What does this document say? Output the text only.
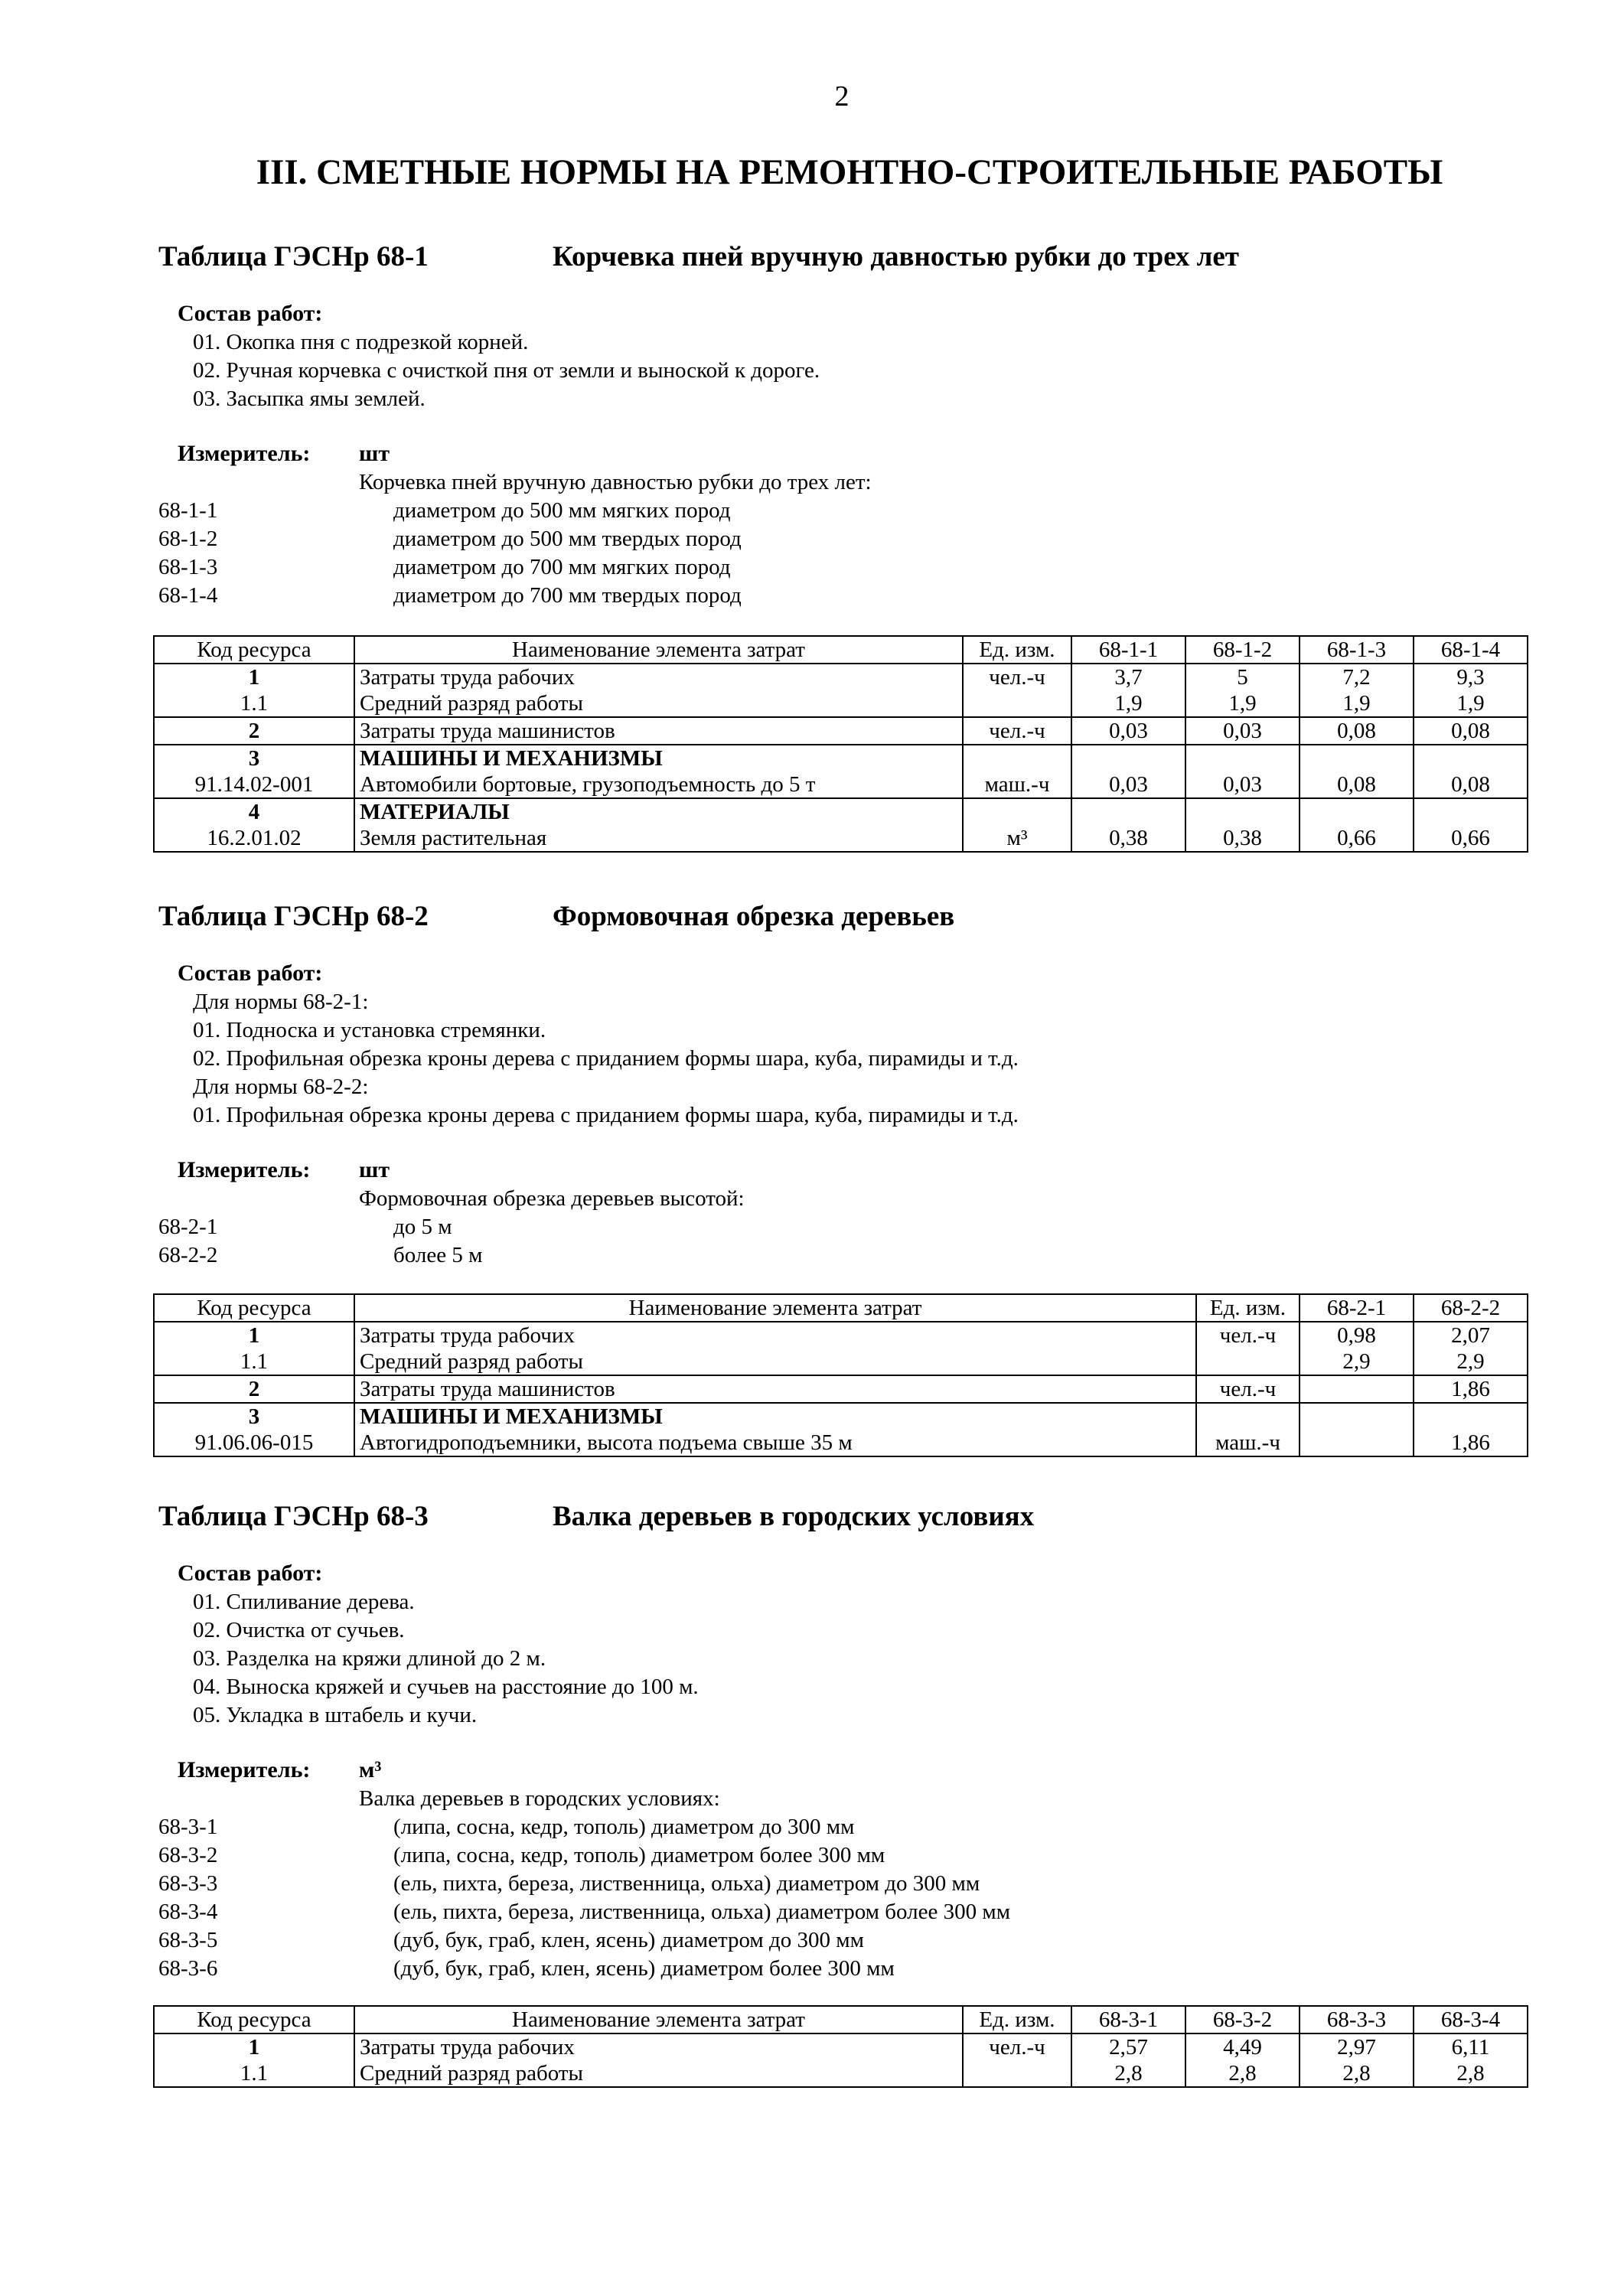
2
III. СМЕТНЫЕ НОРМЫ НА РЕМОНТНО-СТРОИТЕЛЬНЫЕ РАБОТЫ
Таблица ГЭСНр 68-1	Корчевка пней вручную давностью рубки до трех лет
Состав работ:
01. Окопка пня с подрезкой корней.
02. Ручная корчевка с очисткой пня от земли и выноской к дороге.
03. Засыпка ямы землей.
Измеритель: шт
Корчевка пней вручную давностью рубки до трех лет:
68-1-1	диаметром до 500 мм мягких пород
68-1-2	диаметром до 500 мм твердых пород
68-1-3	диаметром до 700 мм мягких пород
68-1-4	диаметром до 700 мм твердых пород
Код ресурса	Наименование элемента затрат	Ед. изм.	68-1-1	68-1-2	68-1-3	68-1-4
1	Затраты труда рабочих	чел.-ч	3,7	5	7,2	9,3
1.1	Средний разряд работы		1,9	1,9	1,9	1,9
2	Затраты труда машинистов	чел.-ч	0,03	0,03	0,08	0,08
3	МАШИНЫ И МЕХАНИЗМЫ					
91.14.02-001	Автомобили бортовые, грузоподъемность до 5 т	маш.-ч	0,03	0,03	0,08	0,08
4	МАТЕРИАЛЫ					
16.2.01.02	Земля растительная	м³	0,38	0,38	0,66	0,66
Таблица ГЭСНр 68-2	Формовочная обрезка деревьев
Состав работ:
Для нормы 68-2-1:
01. Подноска и установка стремянки.
02. Профильная обрезка кроны дерева с приданием формы шара, куба, пирамиды и т.д.
Для нормы 68-2-2:
01. Профильная обрезка кроны дерева с приданием формы шара, куба, пирамиды и т.д.
Измеритель: шт
Формовочная обрезка деревьев высотой:
68-2-1	до 5 м
68-2-2	более 5 м
Код ресурса	Наименование элемента затрат	Ед. изм.	68-2-1	68-2-2
1	Затраты труда рабочих	чел.-ч	0,98	2,07
1.1	Средний разряд работы		2,9	2,9
2	Затраты труда машинистов	чел.-ч		1,86
3	МАШИНЫ И МЕХАНИЗМЫ			
91.06.06-015	Автогидроподъемники, высота подъема свыше 35 м	маш.-ч		1,86
Таблица ГЭСНр 68-3	Валка деревьев в городских условиях
Состав работ:
01. Спиливание дерева.
02. Очистка от сучьев.
03. Разделка на кряжи длиной до 2 м.
04. Выноска кряжей и сучьев на расстояние до 100 м.
05. Укладка в штабель и кучи.
Измеритель: м³
Валка деревьев в городских условиях:
68-3-1	(липа, сосна, кедр, тополь) диаметром до 300 мм
68-3-2	(липа, сосна, кедр, тополь) диаметром более 300 мм
68-3-3	(ель, пихта, береза, лиственница, ольха) диаметром до 300 мм
68-3-4	(ель, пихта, береза, лиственница, ольха) диаметром более 300 мм
68-3-5	(дуб, бук, граб, клен, ясень) диаметром до 300 мм
68-3-6	(дуб, бук, граб, клен, ясень) диаметром более 300 мм
Код ресурса	Наименование элемента затрат	Ед. изм.	68-3-1	68-3-2	68-3-3	68-3-4
1	Затраты труда рабочих	чел.-ч	2,57	4,49	2,97	6,11
1.1	Средний разряд работы		2,8	2,8	2,8	2,8
